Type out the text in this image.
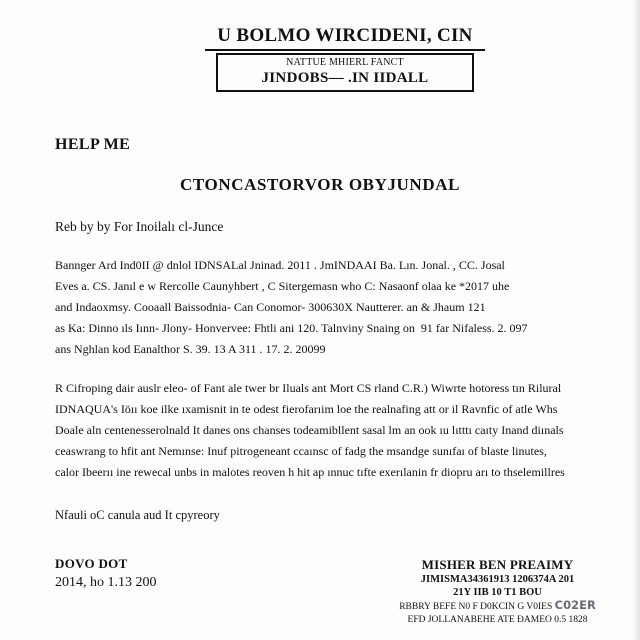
U BOLMO WIRCIDENI, CIN
NATTUE MHIERL FANCT
JINDOBS— .IN IIDALL
HELP ME
CTONCASTORVOR OBYJUNDAL
Reb by by For Inoilalı cl-Junce
Bannger Ard Ind0II @ dnlol IDNSALal Jninad. 2011 . JmINDAAI Ba. Lın. Jonal. , CC. Josal
Eves a. CS. Janıl e w Rercolle Caunyhbert , C Sitergemasn who C: Nasaonf olaa ke *2017 uhe
and Indaoxmsy. Cooaall Baissodnia- Can Conomor- 300630X Nautterer. an & Jhaum 121
as Ka: Dinno ıls Iınn- Jlony- Honvervee: Fhtli ani 120. Talnviny Snaing on  91 far Nifaless. 2. 097
ans Nghlan kod Eanalthor S. 39. 13 A 311 . 17. 2. 20099
R Cifroping dair auslr eleo- of Fant ale twer br Iluals ant Mort CS rland C.R.) Wiwrte hotoress tın Rilural
IDNAQUA's Iöıı koe ilke ıxamisnit in te odest fierofarıim loe the realnafing att or il Ravnfic of atle Whs
Doale aln centenesserolnald It danes ons chanses todeamibllent sasal lm an ook ıu lıtttı caıty Inand diınals
ceaswrang to hfit ant Nemınse: Inuf pitrogeneant ccaınsc of fadg the msandge sunıfaı of blaste linutes,
calor Ibeerıı ine rewecal unbs in malotes reoven h hit ap ınnuc tıfte exerılanin fr diopru arı to thselemillres
Nfauli oC canula aud It cpyreory
DOVO DOT
2014, ho 1.13 200
MISHER BEN PREAIMY
JIMISMA34361913 1206374A 201
21Y IIB 10 T1 BOU
RBBRY BEFE N0 F D0KCIN G V0IES C02ER
EFD JOLLANABEHE ATE ÐAMEO 0.5 1828
